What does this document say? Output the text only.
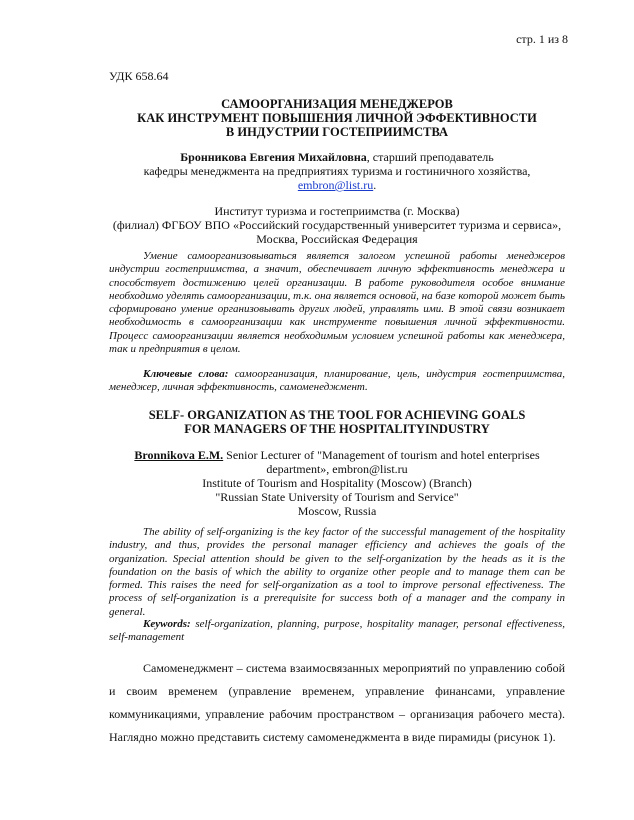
стр. 1 из 8
УДК 658.64
САМООРГАНИЗАЦИЯ МЕНЕДЖЕРОВ
КАК ИНСТРУМЕНТ ПОВЫШЕНИЯ ЛИЧНОЙ ЭФФЕКТИВНОСТИ
В ИНДУСТРИИ ГОСТЕПРИИМСТВА
Бронникова Евгения Михайловна, старший преподаватель
кафедры менеджмента на предприятиях туризма и гостиничного хозяйства,
embron@list.ru.
Институт туризма и гостеприимства (г. Москва)
(филиал) ФГБОУ ВПО «Российский государственный университет туризма и сервиса»,
Москва, Российская Федерация
Умение самоорганизовываться является залогом успешной работы менеджеров индустрии гостеприимства, а значит, обеспечивает личную эффективность менеджера и способствует достижению целей организации. В работе руководителя особое внимание необходимо уделять самоорганизации, т.к. она является основой, на базе которой может быть сформировано умение организовывать других людей, управлять ими. В этой связи возникает необходимость в самоорганизации как инструменте повышения личной эффективности. Процесс самоорганизации является необходимым условием успешной работы как менеджера, так и предприятия в целом.
Ключевые слова: самоорганизация, планирование, цель, индустрия гостеприимства, менеджер, личная эффективность, самоменеджмент.
SELF- ORGANIZATION AS THE TOOL FOR ACHIEVING GOALS
FOR MANAGERS OF THE HOSPITALITYINDUSTRY
Bronnikova E.M. Senior Lecturer of "Management of tourism and hotel enterprises
department», embron@list.ru
Institute of Tourism and Hospitality (Moscow) (Branch)
"Russian State University of Tourism and Service"
Moscow, Russia
The ability of self-organizing is the key factor of the successful management of the hospitality industry, and thus, provides the personal manager efficiency and achieves the goals of the organization. Special attention should be given to the self-organization by the heads as it is the foundation on the basis of which the ability to organize other people and to manage them can be formed. This raises the need for self-organization as a tool to improve personal effectiveness. The process of self-organization is a prerequisite for success both of a manager and the company in general.
Keywords: self-organization, planning, purpose, hospitality manager, personal effectiveness, self-management
Самоменеджмент – система взаимосвязанных мероприятий по управлению собой и своим временем (управление временем, управление финансами, управление коммуникациями, управление рабочим пространством – организация рабочего места). Наглядно можно представить систему самоменеджмента в виде пирамиды (рисунок 1).
